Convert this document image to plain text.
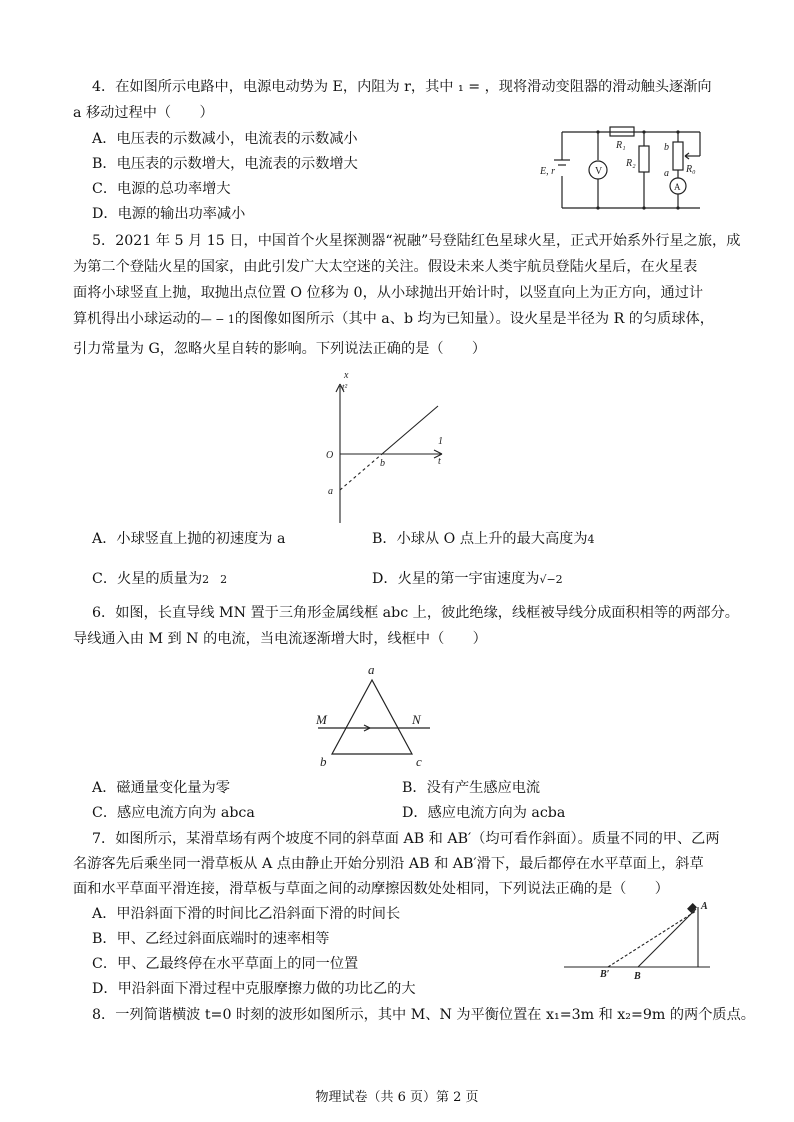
4．在如图所示电路中，电源电动势为 E，内阻为 r，其中 ₁ = ，现将滑动变阻器的滑动触头逐渐向
a 移动过程中（　　）
A．电压表的示数减小，电流表的示数减小
B．电压表的示数增大，电流表的示数增大
C．电源的总功率增大
D．电源的输出功率减小
V
A
R₁
R₂
R₀
b
a
E, r
5．2021 年 5 月 15 日，中国首个火星探测器“祝融”号登陆红色星球火星，正式开始系外行星之旅，成
为第二个登陆火星的国家，由此引发广大太空迷的关注。假设未来人类宇航员登陆火星后，在火星表
面将小球竖直上抛，取抛出点位置 O 位移为 0，从小球抛出开始计时，以竖直向上为正方向，通过计
算机得出小球运动的— − 1的图像如图所示（其中 a、b 均为已知量）。设火星是半径为 R 的匀质球体，
引力常量为 G，忽略火星自转的影响。下列说法正确的是（　　）
x
t²
1
t
O
a
b
A．小球竖直上抛的初速度为 a	B．小球从 O 点上升的最大高度为4
C．火星的质量为2　2	D．火星的第一宇宙速度为√−2
6．如图，长直导线 MN 置于三角形金属线框 abc 上，彼此绝缘，线框被导线分成面积相等的两部分。
导线通入由 M 到 N 的电流，当电流逐渐增大时，线框中（　　）
a
b	c
M	N
A．磁通量变化量为零	B．没有产生感应电流
C．感应电流方向为 abca	D．感应电流方向为 acba
7．如图所示，某滑草场有两个坡度不同的斜草面 AB 和 AB′（均可看作斜面）。质量不同的甲、乙两
名游客先后乘坐同一滑草板从 A 点由静止开始分别沿 AB 和 AB′滑下，最后都停在水平草面上，斜草
面和水平草面平滑连接，滑草板与草面之间的动摩擦因数处处相同，下列说法正确的是（　　）
A．甲沿斜面下滑的时间比乙沿斜面下滑的时间长
B．甲、乙经过斜面底端时的速率相等
C．甲、乙最终停在水平草面上的同一位置
D．甲沿斜面下滑过程中克服摩擦力做的功比乙的大
A
B
B′
8．一列简谐横波 t=0 时刻的波形如图所示，其中 M、N 为平衡位置在 x₁=3m 和 x₂=9m 的两个质点。
物理试卷（共 6 页）第 2 页
